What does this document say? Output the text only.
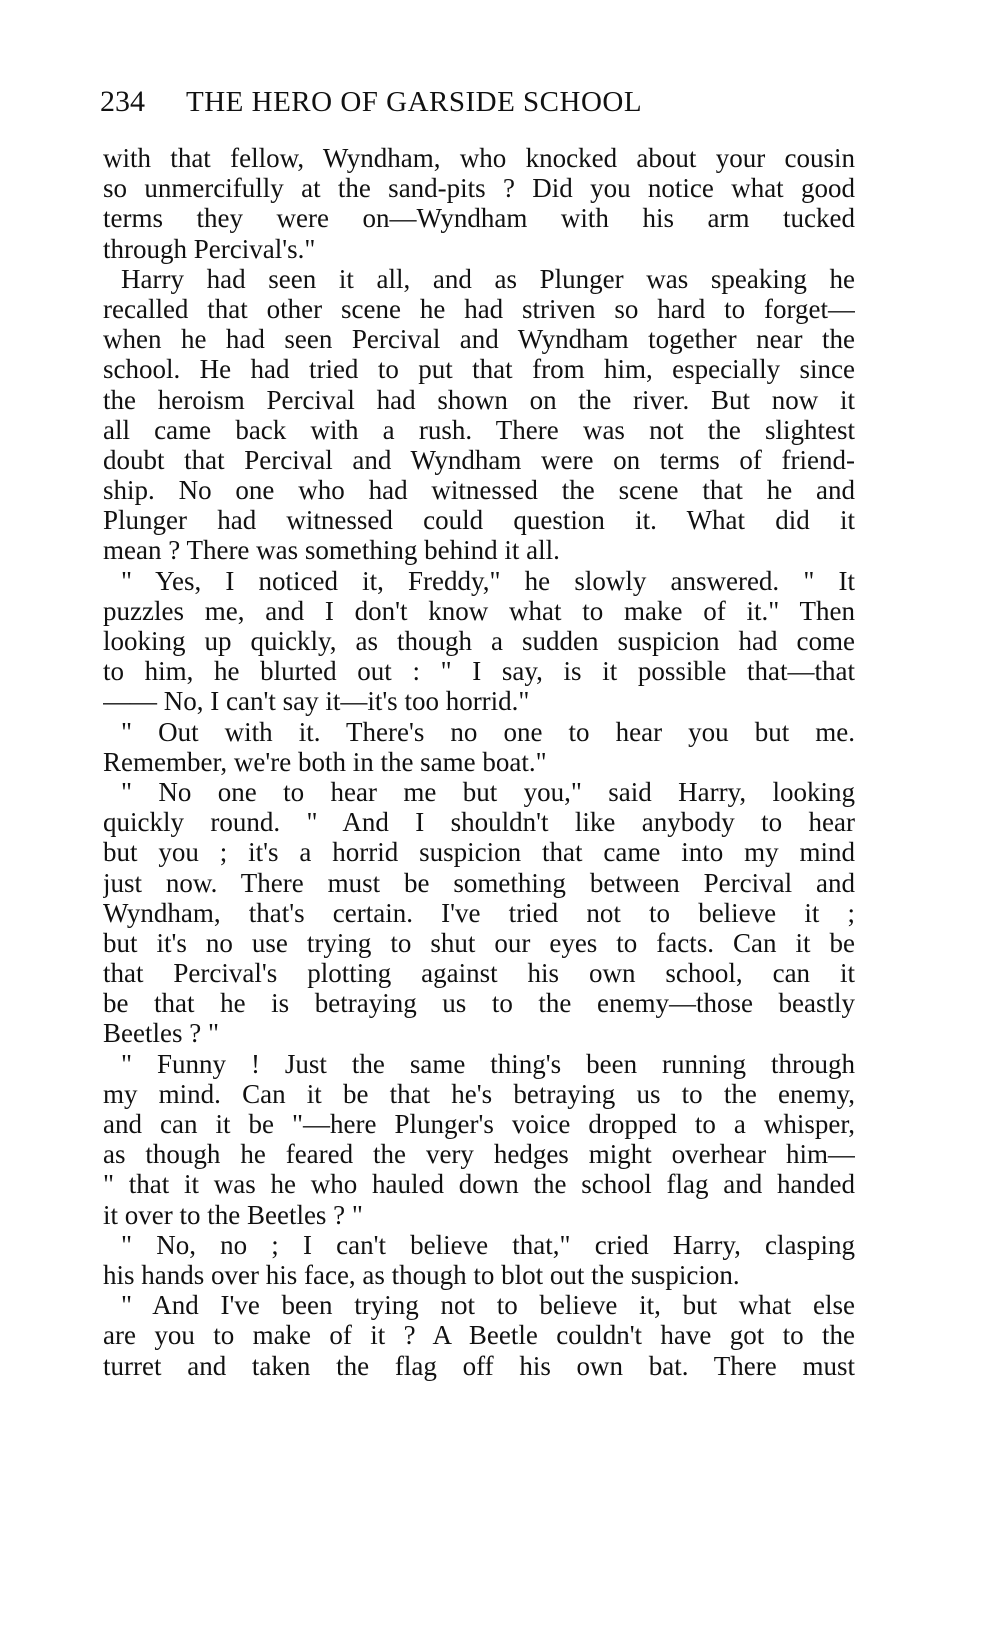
234 THE HERO OF GARSIDE SCHOOL
with that fellow, Wyndham, who knocked about your cousin
so unmercifully at the sand-pits ? Did you notice what good
terms they were on—Wyndham with his arm tucked
through Percival's."
Harry had seen it all, and as Plunger was speaking he
recalled that other scene he had striven so hard to forget—
when he had seen Percival and Wyndham together near the
school. He had tried to put that from him, especially since
the heroism Percival had shown on the river. But now it
all came back with a rush. There was not the slightest
doubt that Percival and Wyndham were on terms of friend-
ship. No one who had witnessed the scene that he and
Plunger had witnessed could question it. What did it
mean ? There was something behind it all.
" Yes, I noticed it, Freddy," he slowly answered. " It
puzzles me, and I don't know what to make of it." Then
looking up quickly, as though a sudden suspicion had come
to him, he blurted out : " I say, is it possible that—that
—— No, I can't say it—it's too horrid."
" Out with it. There's no one to hear you but me.
Remember, we're both in the same boat."
" No one to hear me but you," said Harry, looking
quickly round. " And I shouldn't like anybody to hear
but you ; it's a horrid suspicion that came into my mind
just now. There must be something between Percival and
Wyndham, that's certain. I've tried not to believe it ;
but it's no use trying to shut our eyes to facts. Can it be
that Percival's plotting against his own school, can it
be that he is betraying us to the enemy—those beastly
Beetles ? "
" Funny ! Just the same thing's been running through
my mind. Can it be that he's betraying us to the enemy,
and can it be "—here Plunger's voice dropped to a whisper,
as though he feared the very hedges might overhear him—
" that it was he who hauled down the school flag and handed
it over to the Beetles ? "
" No, no ; I can't believe that," cried Harry, clasping
his hands over his face, as though to blot out the suspicion.
" And I've been trying not to believe it, but what else
are you to make of it ? A Beetle couldn't have got to the
turret and taken the flag off his own bat. There must
